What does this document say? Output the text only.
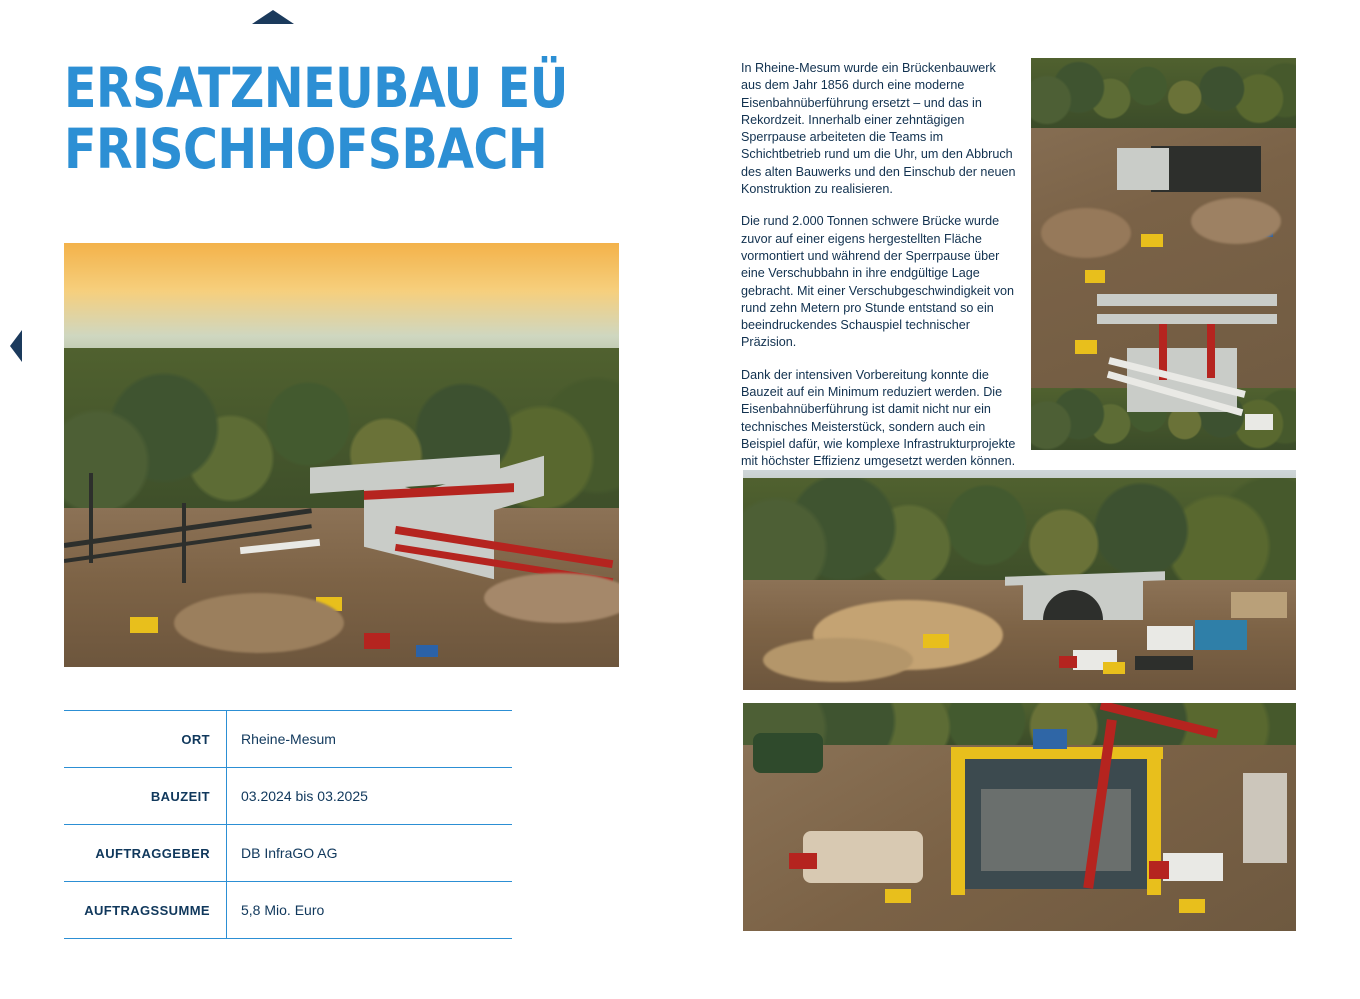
ERSATZNEUBAU EÜ
FRISCHHOFSBACH
ORT	Rheine-Mesum
BAUZEIT	03.2024 bis 03.2025
AUFTRAGGEBER	DB InfraGO AG
AUFTRAGSSUMME	5,8 Mio. Euro

In Rheine-Mesum wurde ein Brückenbauwerk aus dem Jahr 1856 durch eine moderne Eisenbahnüberführung ersetzt – und das in Rekordzeit. Innerhalb einer zehntägigen Sperrpause arbeiteten die Teams im Schichtbetrieb rund um die Uhr, um den Abbruch des alten Bauwerks und den Einschub der neuen Konstruktion zu realisieren.

Die rund 2.000 Tonnen schwere Brücke wurde zuvor auf einer eigens hergestellten Fläche vormontiert und während der Sperrpause über eine Verschubbahn in ihre endgültige Lage gebracht. Mit einer Verschubgeschwindigkeit von rund zehn Metern pro Stunde entstand so ein beeindruckendes Schauspiel technischer Präzision.

Dank der intensiven Vorbereitung konnte die Bauzeit auf ein Minimum reduziert werden. Die Eisenbahnüberführung ist damit nicht nur ein technisches Meisterstück, sondern auch ein Beispiel dafür, wie komplexe Infrastrukturprojekte mit höchster Effizienz umgesetzt werden können.
